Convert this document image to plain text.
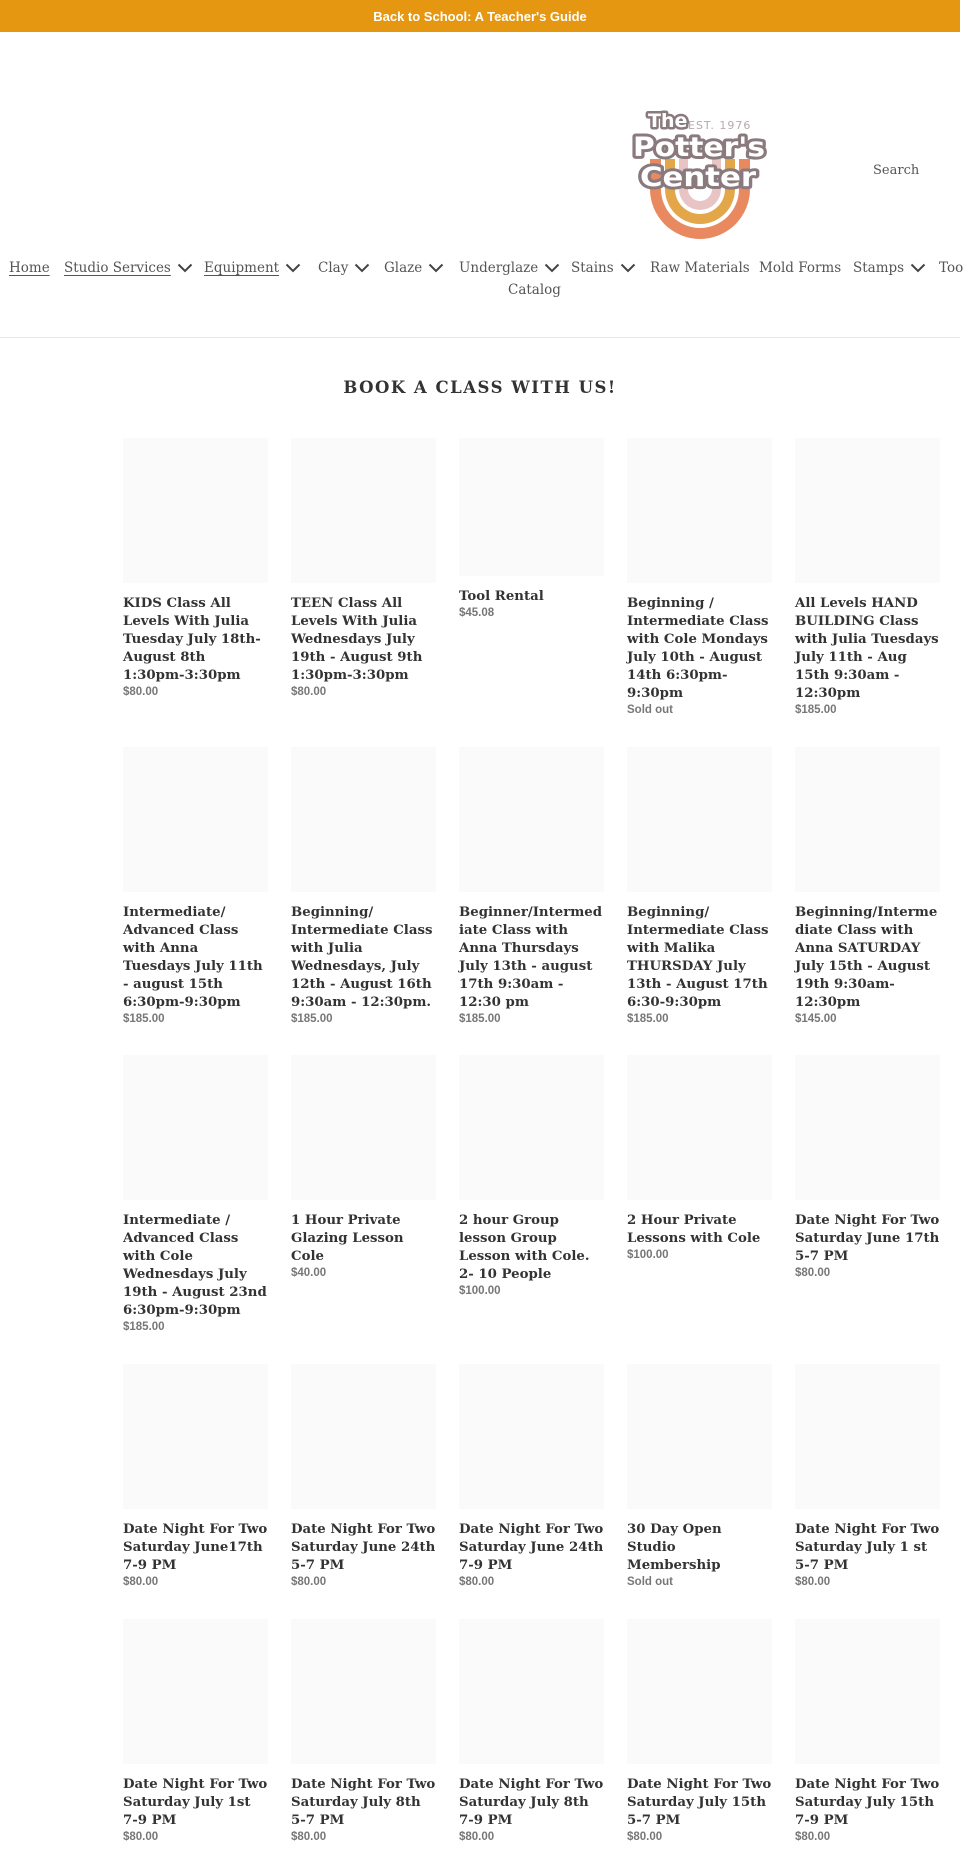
Back to School: A Teacher's Guide
The EST. 1976
Potter's
Center	Search
Home Studio Services Equipment	Clay	Glaze	Underglaze Stains	Raw Materials Mold Forms Stamps	Too
Catalog
BOOK A CLASS WITH US!
KIDS Class All Levels With Julia Tuesday July 18th-August 8th 1:30pm-3:30pm
$80.00
TEEN Class All Levels With Julia Wednesdays July 19th - August 9th 1:30pm-3:30pm
$80.00
Tool Rental
$45.08
Beginning / Intermediate Class with Cole Mondays July 10th - August 14th 6:30pm-9:30pm
Sold out
All Levels HAND BUILDING Class with Julia Tuesdays July 11th - Aug 15th 9:30am - 12:30pm
$185.00
Intermediate/ Advanced Class with Anna Tuesdays July 11th - august 15th 6:30pm-9:30pm
$185.00
Beginning/ Intermediate Class with Julia Wednesdays, July 12th - August 16th 9:30am - 12:30pm.
$185.00
Beginner/Intermediate Class with Anna Thursdays July 13th - august 17th 9:30am - 12:30 pm
$185.00
Beginning/ Intermediate Class with Malika THURSDAY July 13th - August 17th 6:30-9:30pm
$185.00
Beginning/Intermediate Class with Anna SATURDAY July 15th - August 19th 9:30am-12:30pm
$145.00
Intermediate / Advanced Class with Cole Wednesdays July 19th - August 23nd 6:30pm-9:30pm
$185.00
1 Hour Private Glazing Lesson Cole
$40.00
2 hour Group lesson Group Lesson with Cole. 2- 10 People
$100.00
2 Hour Private Lessons with Cole
$100.00
Date Night For Two Saturday June 17th 5-7 PM
$80.00
Date Night For Two Saturday June17th 7-9 PM
$80.00
Date Night For Two Saturday June 24th 5-7 PM
$80.00
Date Night For Two Saturday June 24th 7-9 PM
$80.00
30 Day Open Studio Membership
Sold out
Date Night For Two Saturday July 1 st 5-7 PM
$80.00
Date Night For Two Saturday July 1st 7-9 PM
$80.00
Date Night For Two Saturday July 8th 5-7 PM
$80.00
Date Night For Two Saturday July 8th 7-9 PM
$80.00
Date Night For Two Saturday July 15th 5-7 PM
$80.00
Date Night For Two Saturday July 15th 7-9 PM
$80.00
